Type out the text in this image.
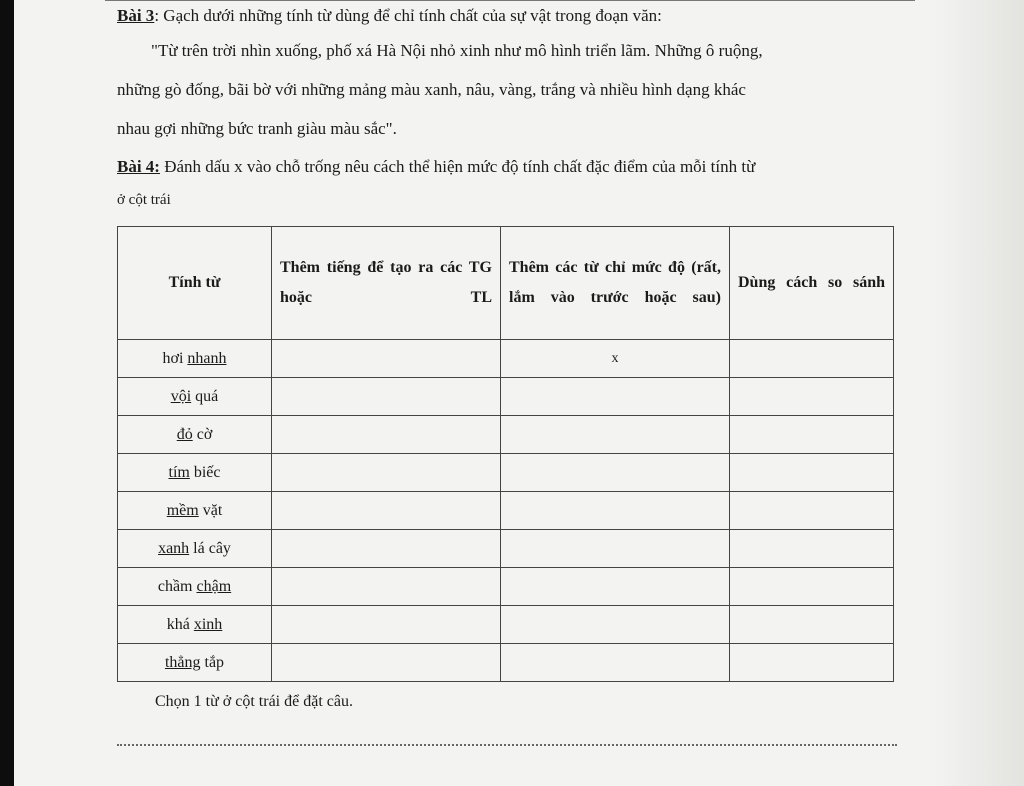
Bài 3: Gạch dưới những tính từ dùng để chỉ tính chất của sự vật trong đoạn văn:
"Từ trên trời nhìn xuống, phố xá Hà Nội nhỏ xinh như mô hình triển lãm. Những ô ruộng,
những gò đống, bãi bờ với những mảng màu xanh, nâu, vàng, trắng và nhiều hình dạng khác
nhau gợi những bức tranh giàu màu sắc".
Bài 4: Đánh dấu x vào chỗ trống nêu cách thể hiện mức độ tính chất đặc điểm của mỗi tính từ
ở cột trái
Tính từ	Thêm tiếng để tạo ra các TG hoặc TL	Thêm các từ chỉ mức độ (rất, lắm vào trước hoặc sau)	Dùng cách so sánh

hơi nhanh		x	
vội quá			
đỏ cờ			
tím biếc			
mềm vặt			
xanh lá cây			
chầm chậm			
khá xinh			
thẳng tắp			
Chọn 1 từ ở cột trái để đặt câu.
